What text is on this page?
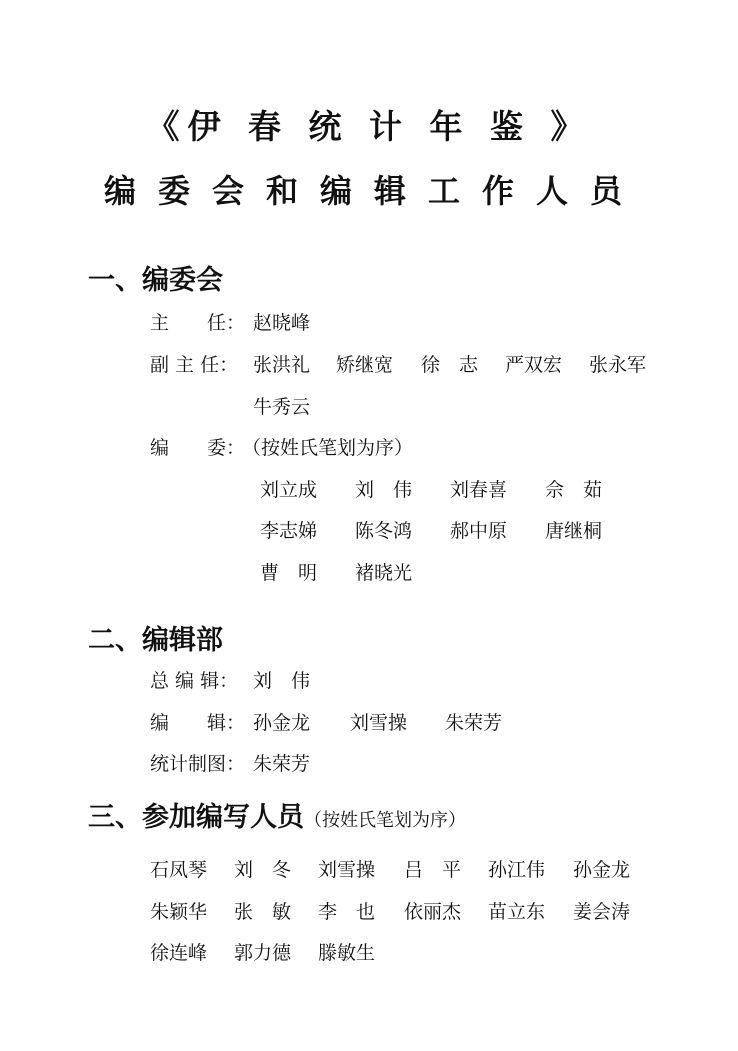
《伊 春 统 计 年 鉴 》
编委会和编辑工作人员
一、编委会
主　　任： 赵晓峰
副 主 任： 张洪礼 矫继宽 徐　志 严双宏 张永军
牛秀云
编　　委：
（按姓氏笔划为序）
刘立成 刘　伟 刘春喜 佘　茹
李志娣 陈冬鸿 郝中原 唐继桐
曹　明 褚晓光
二、编辑部
总 编 辑： 刘　伟
编　　辑： 孙金龙 刘雪操 朱荣芳
统计制图： 朱荣芳
三、参加编写人员（按姓氏笔划为序）
石凤琴 刘　冬 刘雪操 吕　平 孙江伟 孙金龙
朱颖华 张　敏 李　也 依丽杰 苗立东 姜会涛
徐连峰 郭力德 滕敏生
